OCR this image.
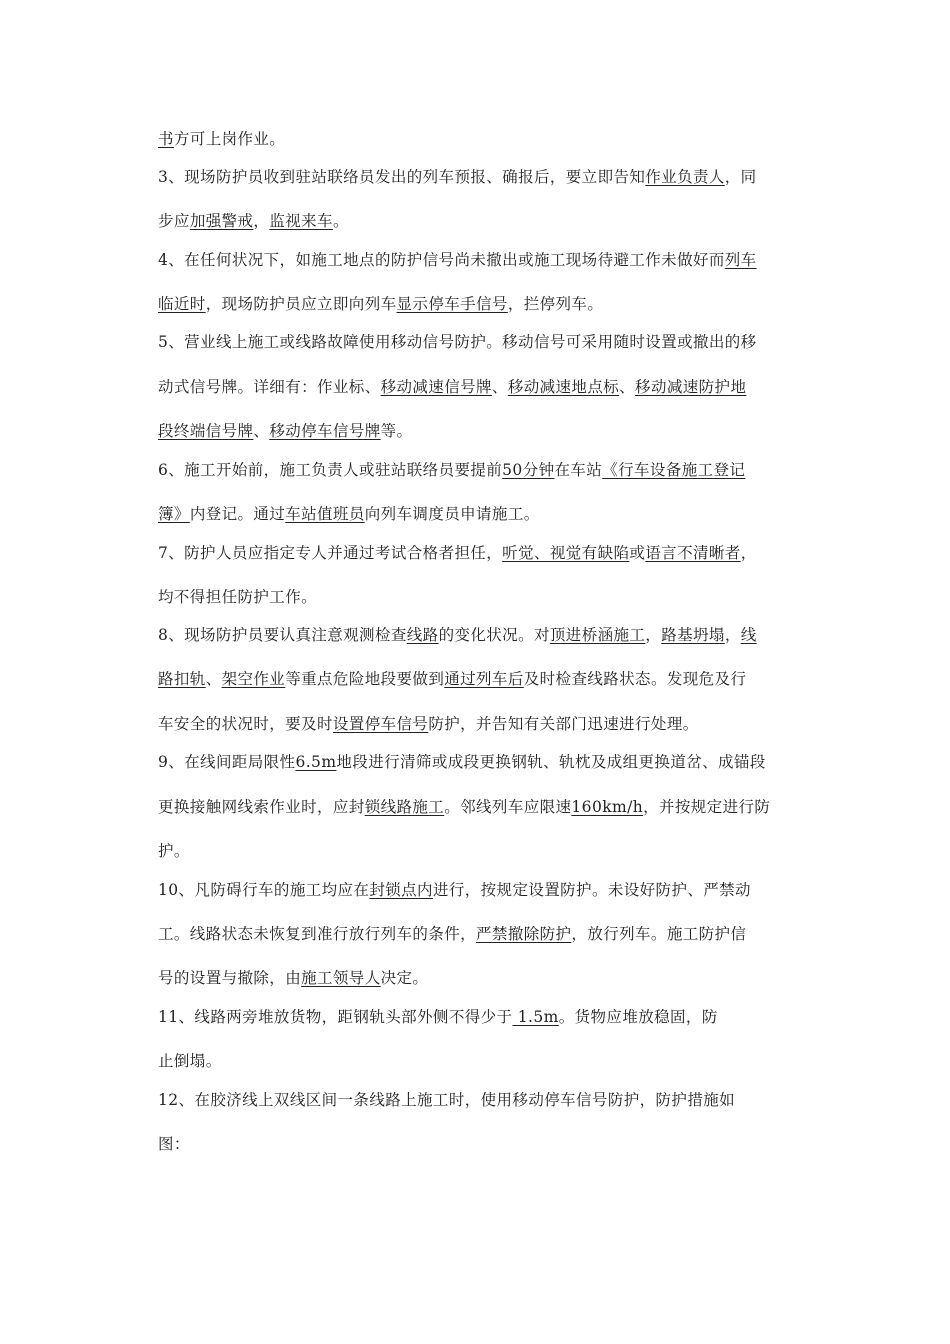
书方可上岗作业。
3、现场防护员收到驻站联络员发出的列车预报、确报后，要立即告知作业负责人，同
步应加强警戒，监视来车。
4、在任何状况下，如施工地点的防护信号尚未撤出或施工现场待避工作未做好而列车
临近时，现场防护员应立即向列车显示停车手信号，拦停列车。
5、营业线上施工或线路故障使用移动信号防护。移动信号可采用随时设置或撤出的移
动式信号牌。详细有：作业标、移动减速信号牌、移动减速地点标、移动减速防护地
段终端信号牌、移动停车信号牌等。
6、施工开始前，施工负责人或驻站联络员要提前50分钟在车站《行车设备施工登记
簿》内登记。通过车站值班员向列车调度员申请施工。
7、防护人员应指定专人并通过考试合格者担任，听觉、视觉有缺陷或语言不清晰者，
均不得担任防护工作。
8、现场防护员要认真注意观测检查线路的变化状况。对顶进桥涵施工，路基坍塌，线
路扣轨、架空作业等重点危险地段要做到通过列车后及时检查线路状态。发现危及行
车安全的状况时，要及时设置停车信号防护，并告知有关部门迅速进行处理。
9、在线间距局限性6.5m地段进行清筛或成段更换钢轨、轨枕及成组更换道岔、成锚段
更换接触网线索作业时，应封锁线路施工。邻线列车应限速160km/h，并按规定进行防
护。
10、凡防碍行车的施工均应在封锁点内进行，按规定设置防护。未设好防护、严禁动
工。线路状态未恢复到准行放行列车的条件，严禁撤除防护，放行列车。施工防护信
号的设置与撤除，由施工领导人决定。
11、线路两旁堆放货物，距钢轨头部外侧不得少于 1.5m。货物应堆放稳固，防
止倒塌。
12、在胶济线上双线区间一条线路上施工时，使用移动停车信号防护，防护措施如
图：
